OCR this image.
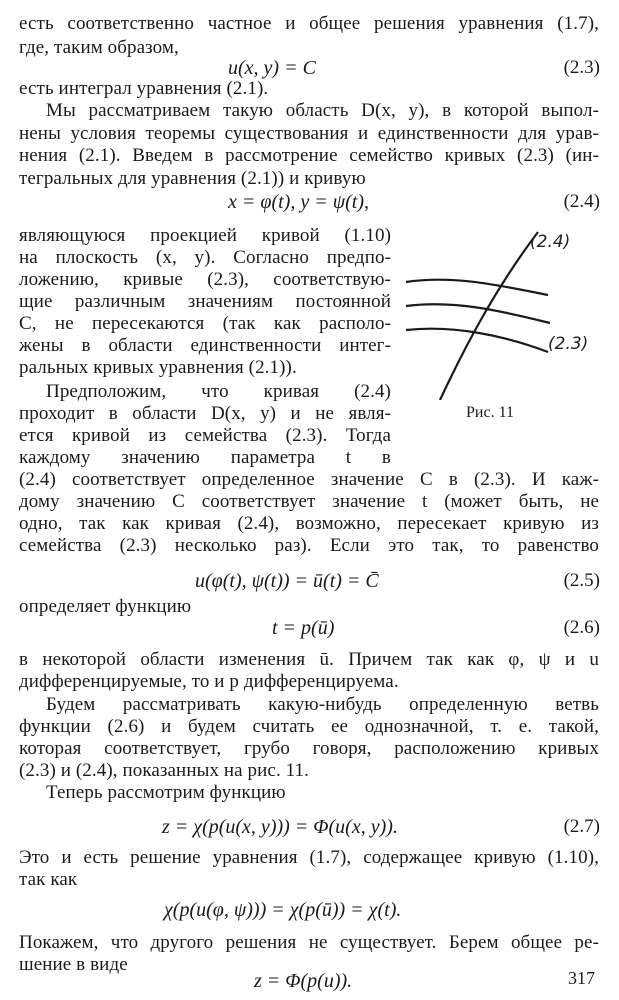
есть соответственно частное и общее решения уравнения (1.7),
где, таким образом,
u(x, y) = C	(2.3)
есть интеграл уравнения (2.1).
Мы рассматриваем такую область D(x, y), в которой выпол-
нены условия теоремы существования и единственности для урав-
нения (2.1). Введем в рассмотрение семейство кривых (2.3) (ин-
тегральных для уравнения (2.1)) и кривую
x = φ(t), y = ψ(t),	(2.4)
являющуюся проекцией кривой (1.10)
на плоскость (x, y). Согласно предпо-
ложению, кривые (2.3), соответствую-
щие различным значениям постоянной
C, не пересекаются (так как располо-
жены в области единственности интег-
ральных кривых уравнения (2.1)).
Предположим, что кривая (2.4)
проходит в области D(x, y) и не явля-
ется кривой из семейства (2.3). Тогда
каждому значению параметра t в
(2.4)
(2.3)
Рис. 11
(2.4) соответствует определенное значение C в (2.3). И каж-
дому значению C соответствует значение t (может быть, не
одно, так как кривая (2.4), возможно, пересекает кривую из
семейства (2.3) несколько раз). Если это так, то равенство
u(φ(t), ψ(t)) = ū(t) = C̄	(2.5)
определяет функцию
t = p(ū)	(2.6)
в некоторой области изменения ū. Причем так как φ, ψ и u
дифференцируемые, то и p дифференцируема.
Будем рассматривать какую-нибудь определенную ветвь
функции (2.6) и будем считать ее однозначной, т. е. такой,
которая соответствует, грубо говоря, расположению кривых
(2.3) и (2.4), показанных на рис. 11.
Теперь рассмотрим функцию
z = χ(p(u(x, y))) = Φ(u(x, y)).	(2.7)
Это и есть решение уравнения (1.7), содержащее кривую (1.10),
так как
χ(p(u(φ, ψ))) = χ(p(ū)) = χ(t).
Покажем, что другого решения не существует. Берем общее ре-
шение в виде
z = Φ(p(u)).	317
